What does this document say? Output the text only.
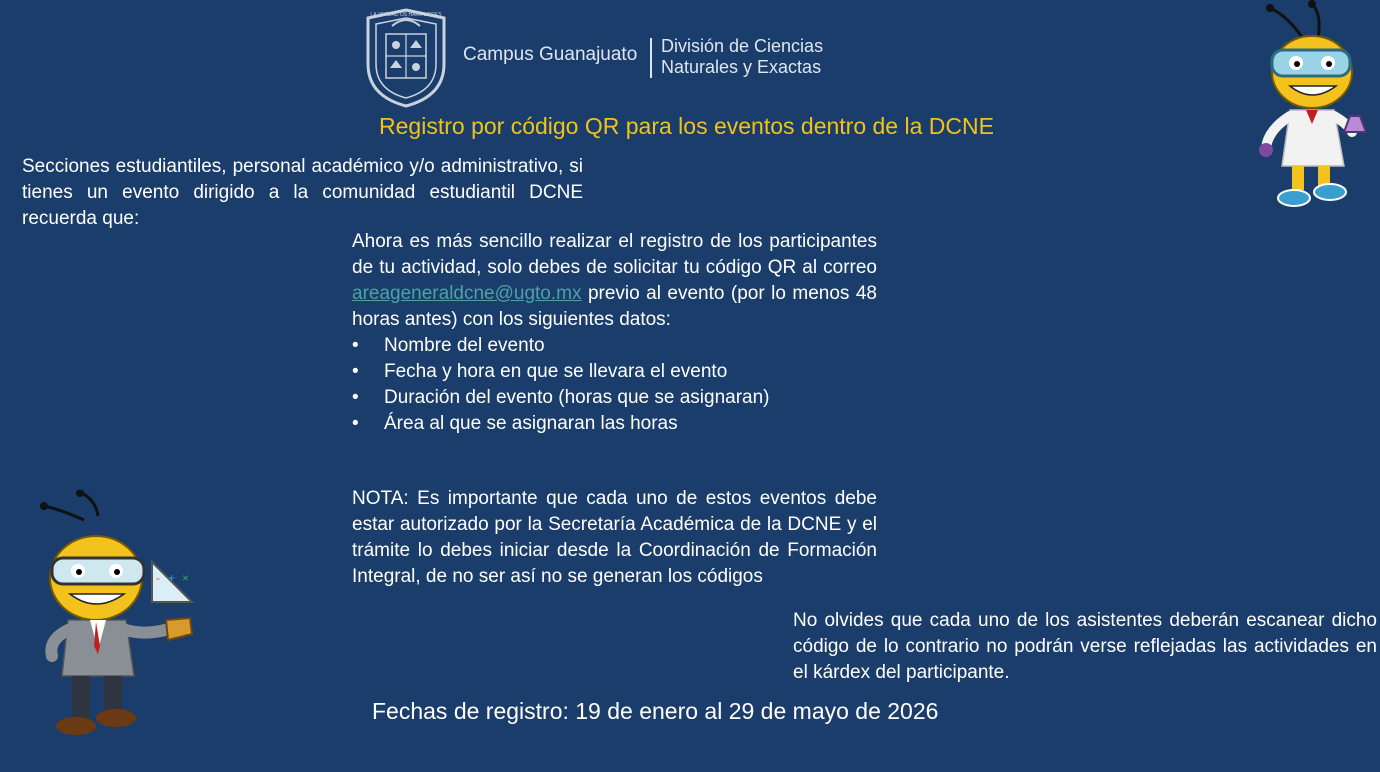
LA VERDAD OS HARÁ LIBRES
Campus Guanajuato División de Ciencias
Naturales y Exactas
Registro por código QR para los eventos dentro de la DCNE
Secciones estudiantiles, personal académico y/o administrativo, si tienes un evento dirigido a la comunidad estudiantil DCNE recuerda que:
Ahora es más sencillo realizar el registro de los participantes de tu actividad, solo debes de solicitar tu código QR al correo areageneraldcne@ugto.mx previo al evento (por lo menos 48 horas antes) con los siguientes datos:
• Nombre del evento
• Fecha y hora en que se llevara el evento
• Duración del evento (horas que se asignaran)
• Área al que se asignaran las horas
NOTA: Es importante que cada uno de estos eventos debe estar autorizado por la Secretaría Académica de la DCNE y el trámite lo debes iniciar desde la Coordinación de Formación Integral, de no ser así no se generan los códigos
No olvides que cada uno de los asistentes deberán escanear dicho código de lo contrario no podrán verse reflejadas las actividades en el kárdex del participante.
Fechas de registro: 19 de enero al 29 de mayo de 2026
- + ×
